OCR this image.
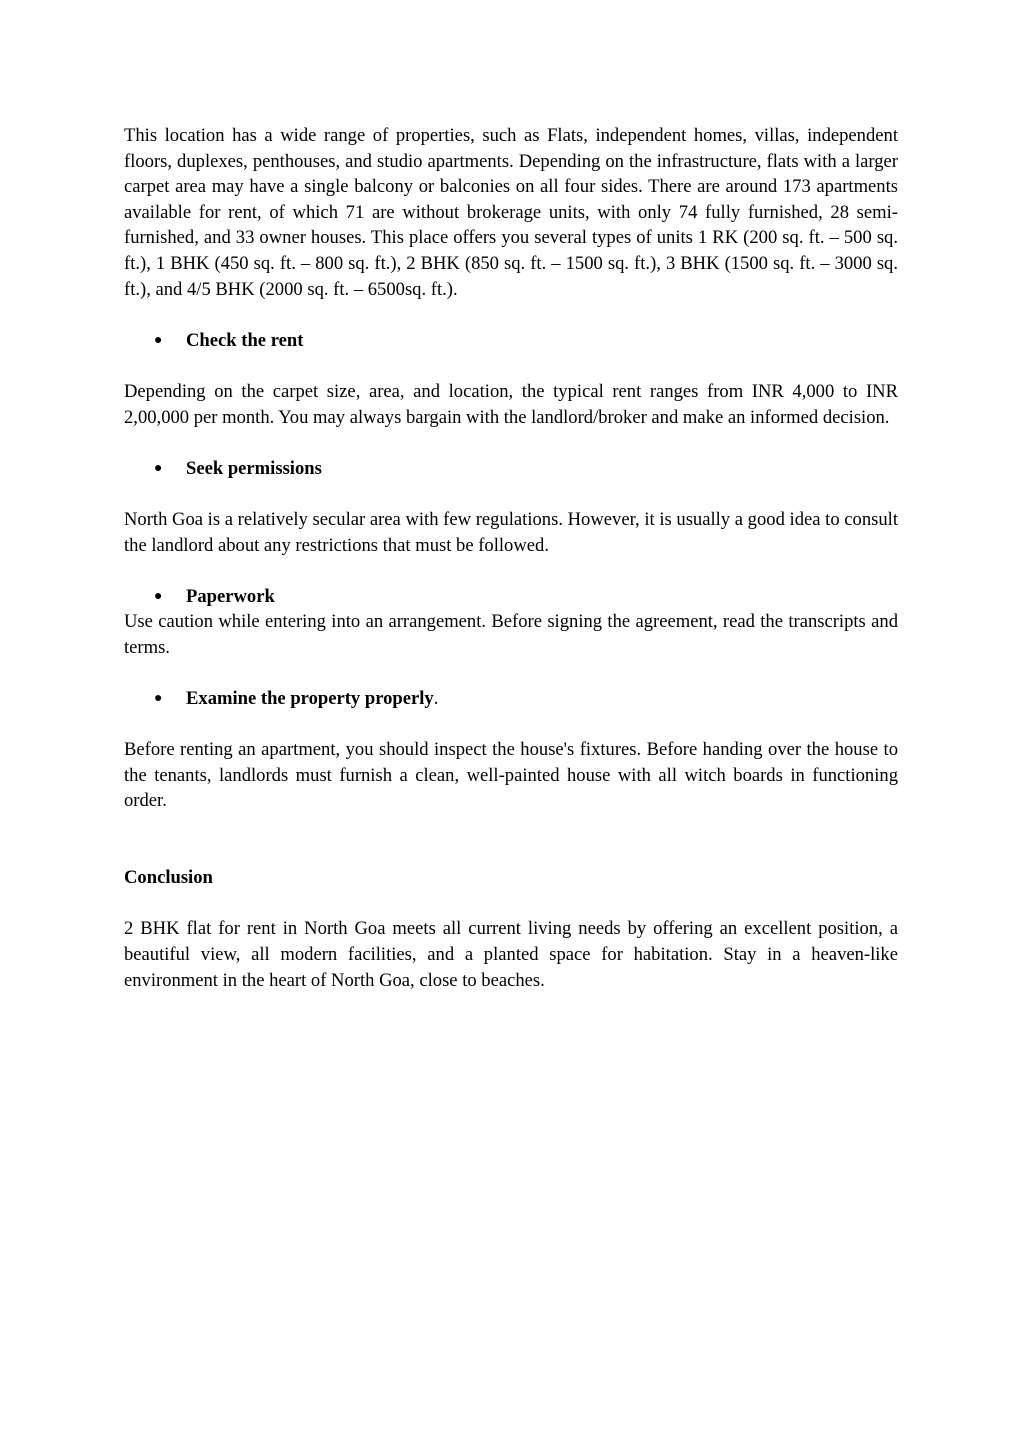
This location has a wide range of properties, such as Flats, independent homes, villas, independent floors, duplexes, penthouses, and studio apartments. Depending on the infrastructure, flats with a larger carpet area may have a single balcony or balconies on all four sides. There are around 173 apartments available for rent, of which 71 are without brokerage units, with only 74 fully furnished, 28 semi-furnished, and 33 owner houses. This place offers you several types of units 1 RK (200 sq. ft. – 500 sq. ft.), 1 BHK (450 sq. ft. – 800 sq. ft.), 2 BHK (850 sq. ft. – 1500 sq. ft.), 3 BHK (1500 sq. ft. – 3000 sq. ft.), and 4/5 BHK (2000 sq. ft. – 6500sq. ft.).

● Check the rent

Depending on the carpet size, area, and location, the typical rent ranges from INR 4,000 to INR 2,00,000 per month. You may always bargain with the landlord/broker and make an informed decision.

● Seek permissions

North Goa is a relatively secular area with few regulations. However, it is usually a good idea to consult the landlord about any restrictions that must be followed.

● Paperwork

Use caution while entering into an arrangement. Before signing the agreement, read the transcripts and terms.

● Examine the property properly.

Before renting an apartment, you should inspect the house's fixtures. Before handing over the house to the tenants, landlords must furnish a clean, well-painted house with all witch boards in functioning order.

Conclusion

2 BHK flat for rent in North Goa meets all current living needs by offering an excellent position, a beautiful view, all modern facilities, and a planted space for habitation. Stay in a heaven-like environment in the heart of North Goa, close to beaches.
